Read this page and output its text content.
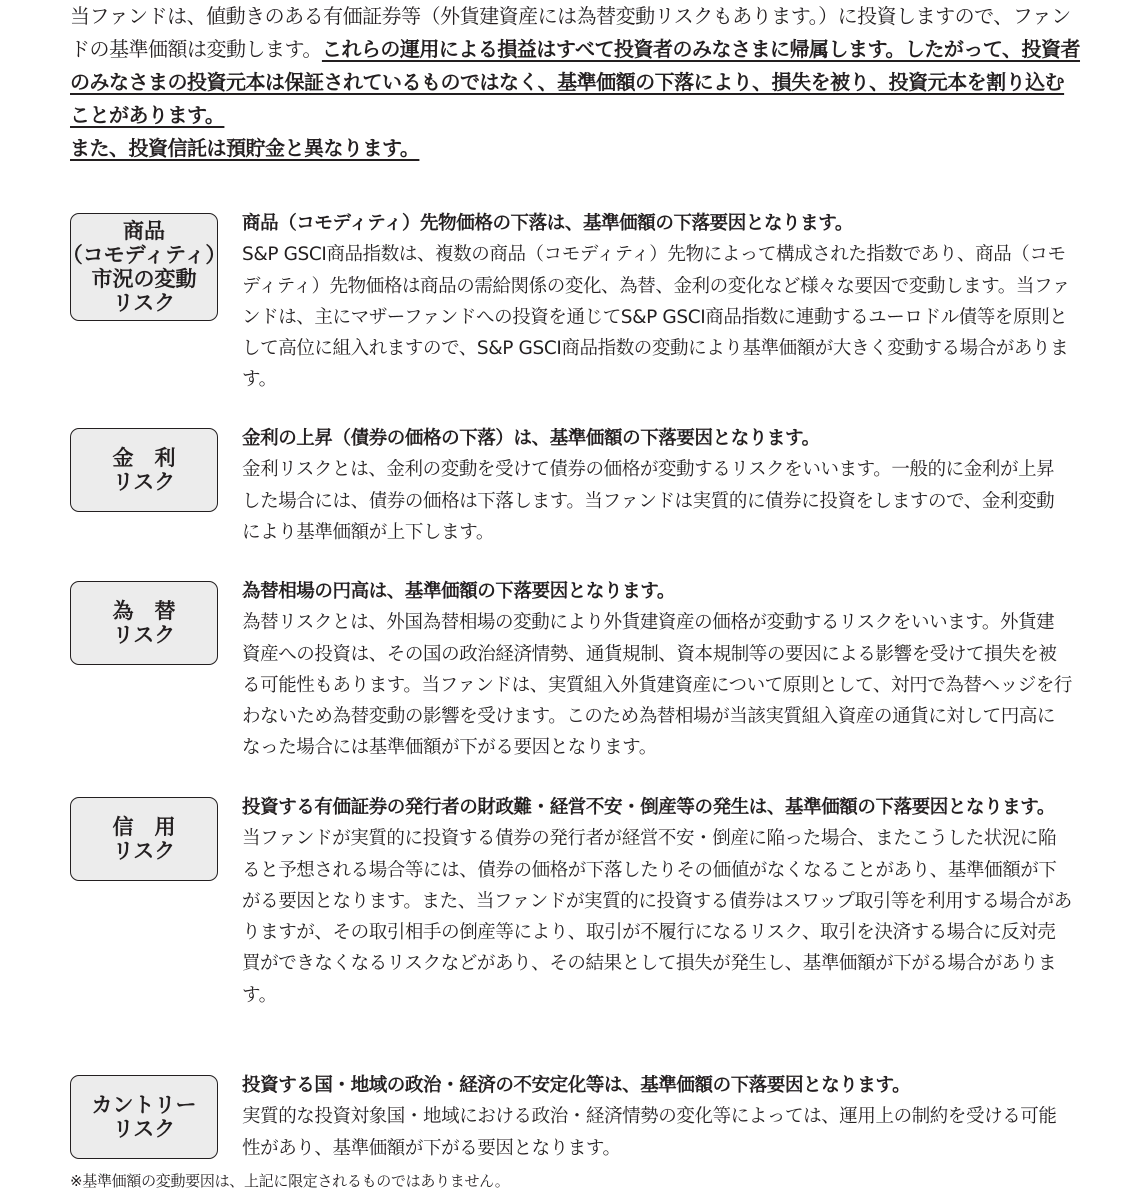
当ファンドは、値動きのある有価証券等（外貨建資産には為替変動リスクもあります。）に投資しますので、ファンドの基準価額は変動します。これらの運用による損益はすべて投資者のみなさまに帰属します。したがって、投資者のみなさまの投資元本は保証されているものではなく、基準価額の下落により、損失を被り、投資元本を割り込むことがあります。

また、投資信託は預貯金と異なります。

商品
（コモディティ）
市況の変動
リスク

商品（コモディティ）先物価格の下落は、基準価額の下落要因となります。

S&P GSCI商品指数は、複数の商品（コモディティ）先物によって構成された指数であり、商品（コモディティ）先物価格は商品の需給関係の変化、為替、金利の変化など様々な要因で変動します。当ファンドは、主にマザーファンドへの投資を通じてS&P GSCI商品指数に連動するユーロドル債等を原則として高位に組入れますので、S&P GSCI商品指数の変動により基準価額が大きく変動する場合があります。

金　利
リスク

金利の上昇（債券の価格の下落）は、基準価額の下落要因となります。

金利リスクとは、金利の変動を受けて債券の価格が変動するリスクをいいます。一般的に金利が上昇した場合には、債券の価格は下落します。当ファンドは実質的に債券に投資をしますので、金利変動により基準価額が上下します。

為　替
リスク

為替相場の円高は、基準価額の下落要因となります。

為替リスクとは、外国為替相場の変動により外貨建資産の価格が変動するリスクをいいます。外貨建資産への投資は、その国の政治経済情勢、通貨規制、資本規制等の要因による影響を受けて損失を被る可能性もあります。当ファンドは、実質組入外貨建資産について原則として、対円で為替ヘッジを行わないため為替変動の影響を受けます。このため為替相場が当該実質組入資産の通貨に対して円高になった場合には基準価額が下がる要因となります。

信　用
リスク

投資する有価証券の発行者の財政難・経営不安・倒産等の発生は、基準価額の下落要因となります。

当ファンドが実質的に投資する債券の発行者が経営不安・倒産に陥った場合、またこうした状況に陥ると予想される場合等には、債券の価格が下落したりその価値がなくなることがあり、基準価額が下がる要因となります。また、当ファンドが実質的に投資する債券はスワップ取引等を利用する場合がありますが、その取引相手の倒産等により、取引が不履行になるリスク、取引を決済する場合に反対売買ができなくなるリスクなどがあり、その結果として損失が発生し、基準価額が下がる場合があります。

カントリー
リスク

投資する国・地域の政治・経済の不安定化等は、基準価額の下落要因となります。

実質的な投資対象国・地域における政治・経済情勢の変化等によっては、運用上の制約を受ける可能性があり、基準価額が下がる要因となります。

※基準価額の変動要因は、上記に限定されるものではありません。
